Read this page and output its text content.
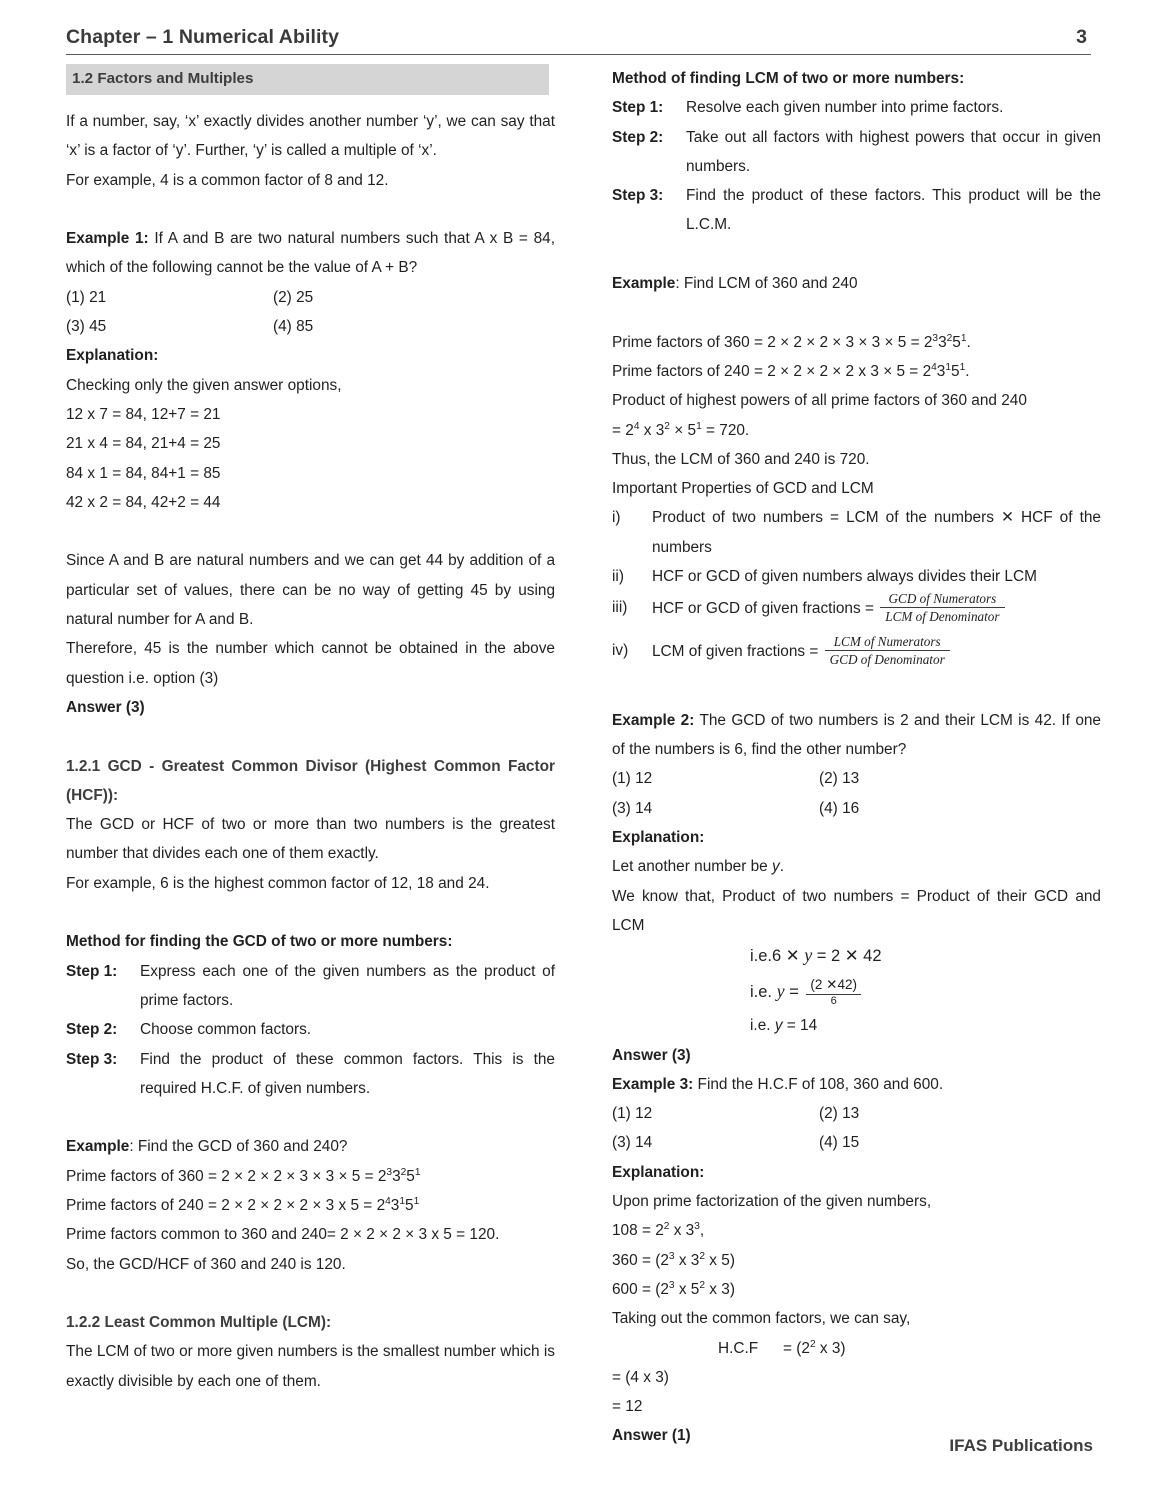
Chapter – 1 Numerical Ability	3
1.2 Factors and Multiples

If a number, say, ‘x’ exactly divides another number ‘y’, we can say that ‘x’ is a factor of ‘y’. Further, ‘y’ is called a multiple of ‘x’.

For example, 4 is a common factor of 8 and 12.

Example 1: If A and B are two natural numbers such that A x B = 84, which of the following cannot be the value of A + B?

(1) 21	(2) 25
(3) 45	(4) 85

Explanation:

Checking only the given answer options,

12 x 7 = 84, 12+7 = 21

21 x 4 = 84, 21+4 = 25

84 x 1 = 84, 84+1 = 85

42 x 2 = 84, 42+2 = 44

Since A and B are natural numbers and we can get 44 by addition of a particular set of values, there can be no way of getting 45 by using natural number for A and B.

Therefore, 45 is the number which cannot be obtained in the above question i.e. option (3)

Answer (3)

1.2.1 GCD - Greatest Common Divisor (Highest Common Factor (HCF)):

The GCD or HCF of two or more than two numbers is the greatest number that divides each one of them exactly.

For example, 6 is the highest common factor of 12, 18 and 24.

Method for finding the GCD of two or more numbers:

Step 1:	Express each one of the given numbers as the product of prime factors.
Step 2:	Choose common factors.
Step 3:	Find the product of these common factors. This is the required H.C.F. of given numbers.

Example: Find the GCD of 360 and 240?

Prime factors of $360 = 2 \times 2 \times 2 \times 3 \times 3 \times 5 = 2^33^25^1$

Prime factors of 240 = 2 × 2 × 2 × 2 × 3 x $5 = 2^43^15^1$

Prime factors common to 360 and 240= 2 × 2 × 2 × 3 x 5 = 120.

So, the GCD/HCF of 360 and 240 is 120.

1.2.2 Least Common Multiple (LCM):

The LCM of two or more given numbers is the smallest number which is exactly divisible by each one of them.

Method of finding LCM of two or more numbers:

Step 1:	Resolve each given number into prime factors.
Step 2:	Take out all factors with highest powers that occur in given numbers.
Step 3:	Find the product of these factors. This product will be the L.C.M.

Example: Find LCM of 360 and 240

Prime factors of $360 = 2 \times 2 \times 2 \times 3 \times 3 \times 5 = 2^33^25^1$.

Prime factors of 240 = 2 × 2 × 2 × 2 x $3 \times 5 = 2^43^15^1$.

Product of highest powers of all prime factors of 360 and 240

= $2^4$ x $3^2 \times 5^1 = 720$.

Thus, the LCM of 360 and 240 is 720.

Important Properties of GCD and LCM

i)	Product of two numbers = LCM of the numbers ✕ HCF of the numbers
ii)	HCF or GCD of given numbers always divides their LCM
iii)	HCF or GCD of given fractions = $\frac{\text{GCD of Numerators}}{\text{LCM of Denominator}}$
iv)	LCM of given fractions = $\frac{\text{LCM of Numerators}}{\text{GCD of Denominator}}$

Example 2: The GCD of two numbers is 2 and their LCM is 42. If one of the numbers is 6, find the other number?

(1) 12	(2) 13
(3) 14	(4) 16

Explanation:

Let another number be y.

We know that, Product of two numbers = Product of their GCD and LCM

i.e.6 ✕ y = 2 ✕ 42

i.e. $y = \frac{(2 ✕42)}{6}$

i.e. y = 14

Answer (3)

Example 3: Find the H.C.F of 108, 360 and 600.

(1) 12	(2) 13
(3) 14	(4) 15

Explanation:

Upon prime factorization of the given numbers,

$108 = 2^2$ x $3^3$,

$360 = (2^3$ x $3^2$ x 5)

$600 = (2^3$ x $5^2$ x 3)

Taking out the common factors, we can say,

H.C.F	= ($2^2$ x 3)

= (4 x 3)

= 12

Answer (1)

IFAS Publications
